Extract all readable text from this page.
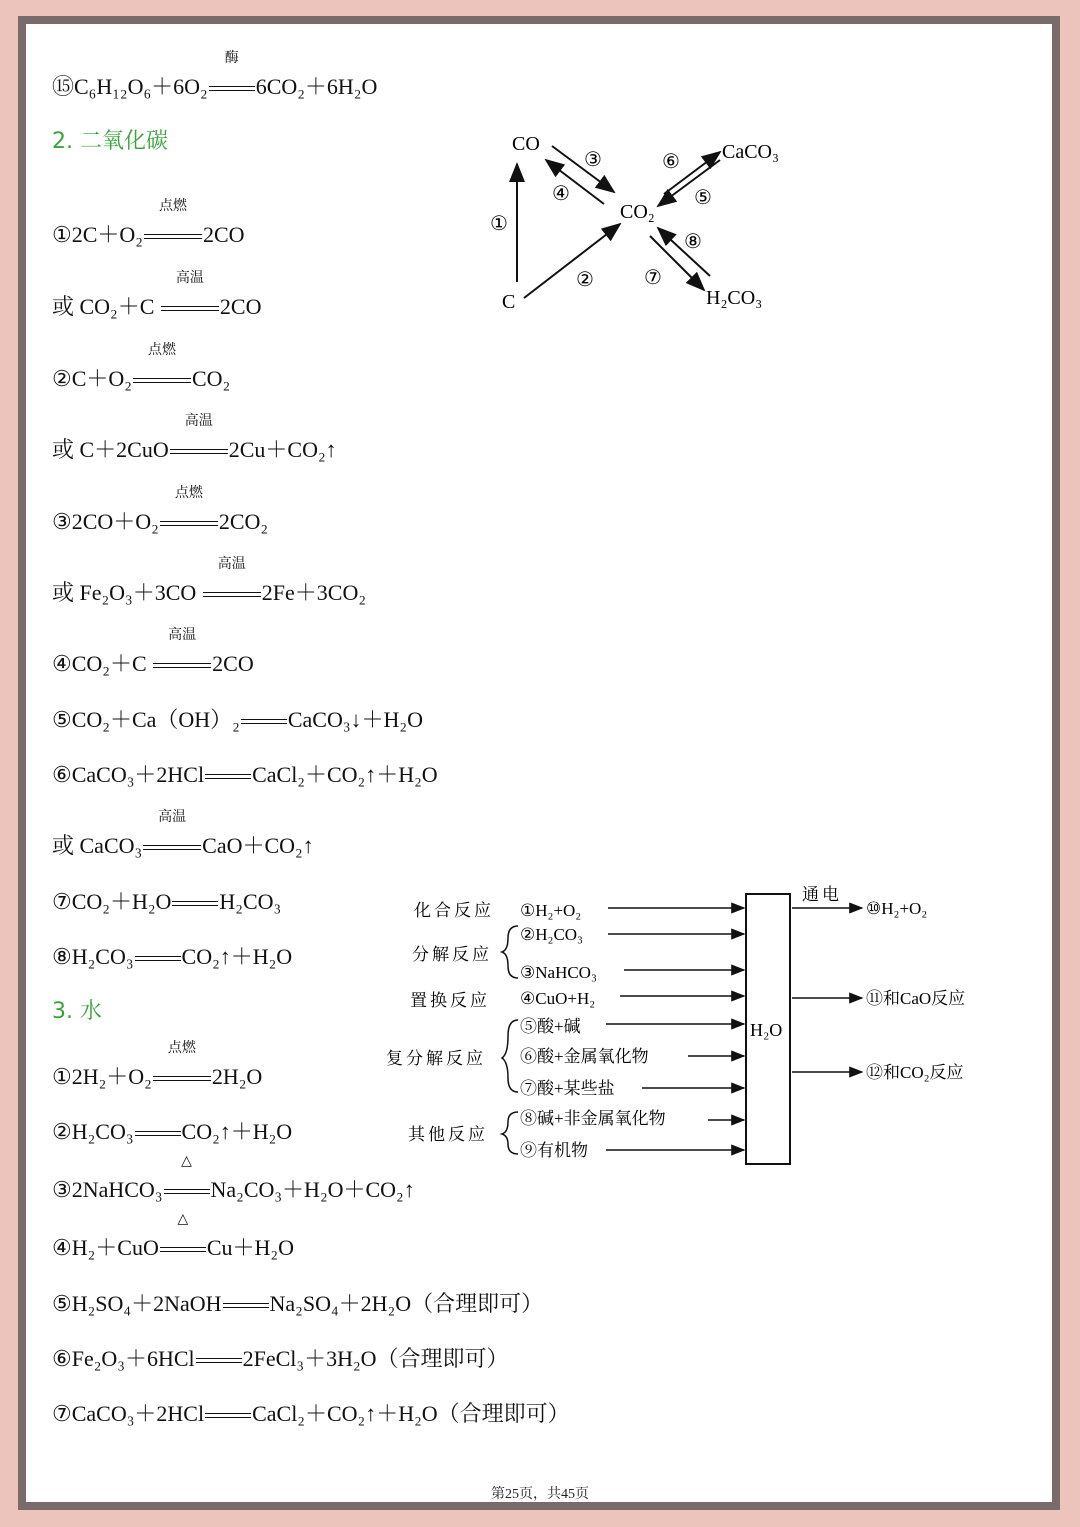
⑮C₆H₁₂O₆＋6O₂
酶
6CO₂＋6H₂O
2. 二氧化碳
①2C＋O₂
点燃
2CO
或 CO₂＋C
高温
2CO
②C＋O₂
点燃
CO₂
或 C＋2CuO
高温
2Cu＋CO₂↑
③2CO＋O₂
点燃
2CO₂
或 Fe₂O₃＋3CO
高温
2Fe＋3CO₂
④CO₂＋C
高温
2CO
⑤CO₂＋Ca（OH）₂ CaCO₃↓＋H₂O
⑥CaCO₃＋2HCl CaCl₂＋CO₂↑＋H₂O
或 CaCO₃
高温
CaO＋CO₂↑
⑦CO₂＋H₂O H₂CO₃
⑧H₂CO₃ CO₂↑＋H₂O
3. 水
①2H₂＋O₂
点燃
2H₂O
②H₂CO₃ CO₂↑＋H₂O
③2NaHCO₃
△
Na₂CO₃＋H₂O＋CO₂↑
④H₂＋CuO
△
Cu＋H₂O
⑤H₂SO₄＋2NaOH Na₂SO₄＋2H₂O（合理即可）
⑥Fe₂O₃＋6HCl 2FeCl₃＋3H₂O（合理即可）
⑦CaCO₃＋2HCl CaCl₂＋CO₂↑＋H₂O（合理即可）
CO
C
CO₂
CaCO₃
H₂CO₃
①
②
③
④	⑤
⑥
⑦
⑧
H₂O
化合反应
分解反应
置换反应
复分解反应
其他反应
①H₂+O₂
②H₂CO₃
③NaHCO₃
④CuO+H₂
⑤酸+碱
⑥酸+金属氧化物
⑦酸+某些盐
⑧碱+非金属氧化物
⑨有机物
通电
⑩H₂+O₂
⑪和CaO反应
⑫和CO₂反应
第25页，共45页
